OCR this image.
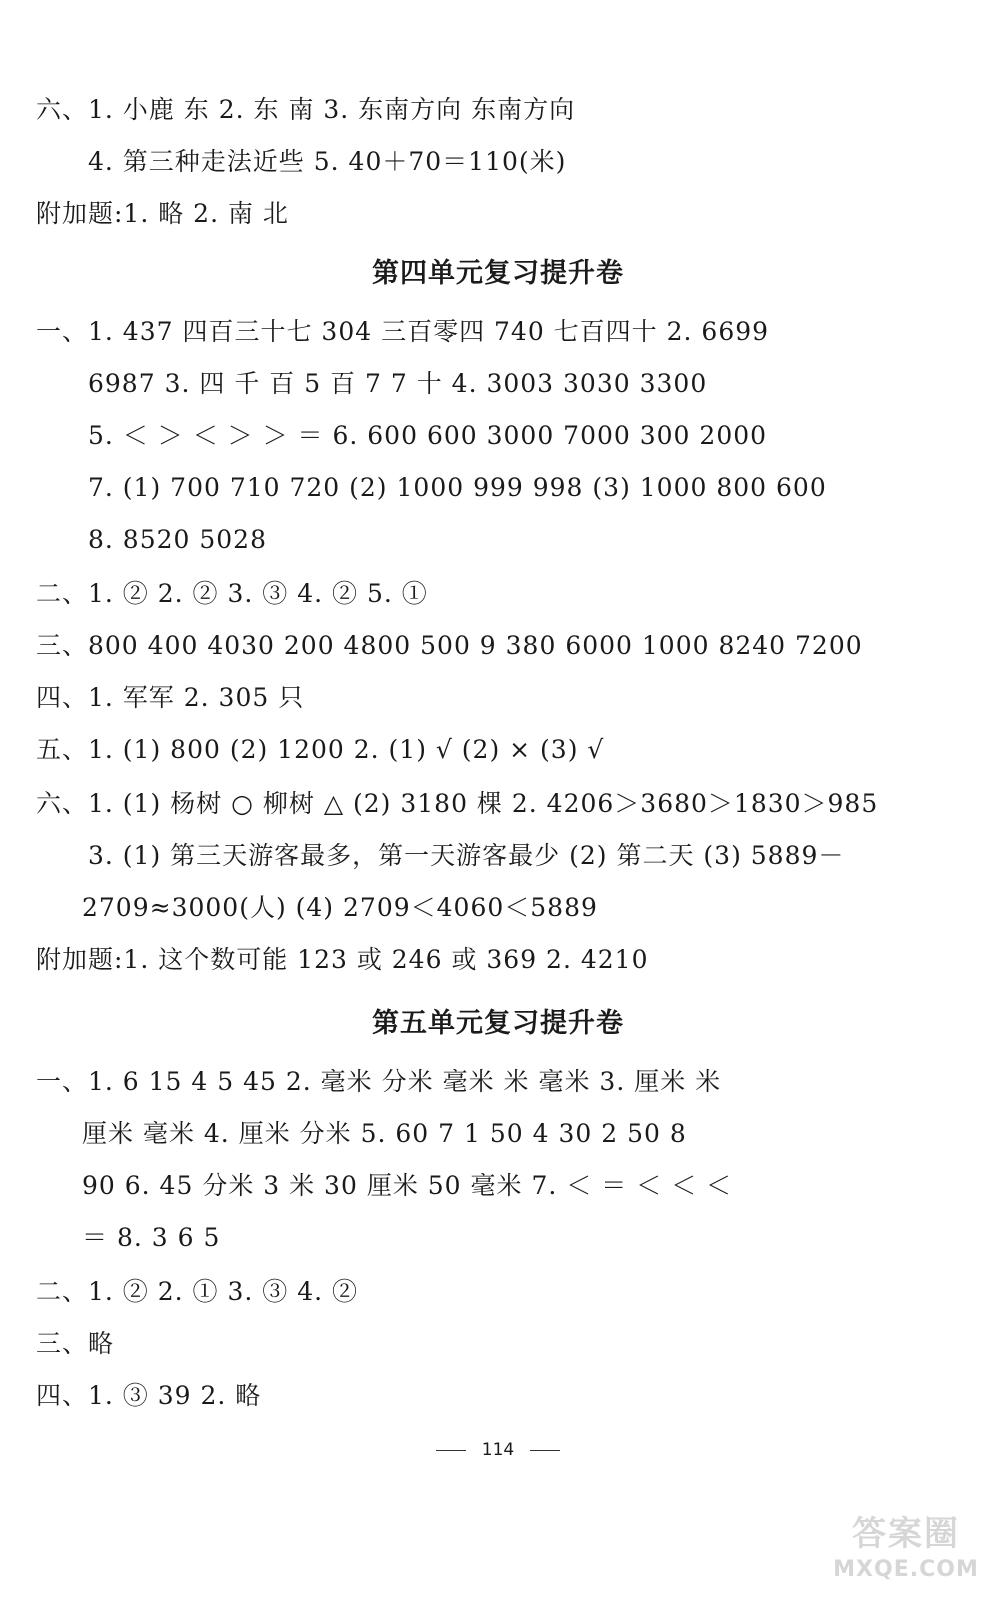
六、1. 小鹿 东 2. 东 南 3. 东南方向 东南方向
4. 第三种走法近些 5. 40＋70＝110(米)
附加题:1. 略 2. 南 北
第四单元复习提升卷
一、1. 437 四百三十七 304 三百零四 740 七百四十 2. 6699
6987 3. 四 千 百 5 百 7 7 十 4. 3003 3030 3300
5. ＜ ＞ ＜ ＞ ＞ ＝ 6. 600 600 3000 7000 300 2000
7. (1) 700 710 720 (2) 1000 999 998 (3) 1000 800 600
8. 8520 5028
二、1. ② 2. ② 3. ③ 4. ② 5. ①
三、800 400 4030 200 4800 500 9 380 6000 1000 8240 7200
四、1. 军军 2. 305 只
五、1. (1) 800 (2) 1200 2. (1) √ (2) × (3) √
六、1. (1) 杨树 ○ 柳树 △ (2) 3180 棵 2. 4206＞3680＞1830＞985
3. (1) 第三天游客最多，第一天游客最少 (2) 第二天 (3) 5889－
2709≈3000(人) (4) 2709＜4060＜5889
附加题:1. 这个数可能 123 或 246 或 369 2. 4210
第五单元复习提升卷
一、1. 6 15 4 5 45 2. 毫米 分米 毫米 米 毫米 3. 厘米 米
厘米 毫米 4. 厘米 分米 5. 60 7 1 50 4 30 2 50 8
90 6. 45 分米 3 米 30 厘米 50 毫米 7. ＜ ＝ ＜ ＜ ＜
＝ 8. 3 6 5
二、1. ② 2. ① 3. ③ 4. ②
三、略
四、1. ③ 39 2. 略
114
答案圈
MXQE.COM
